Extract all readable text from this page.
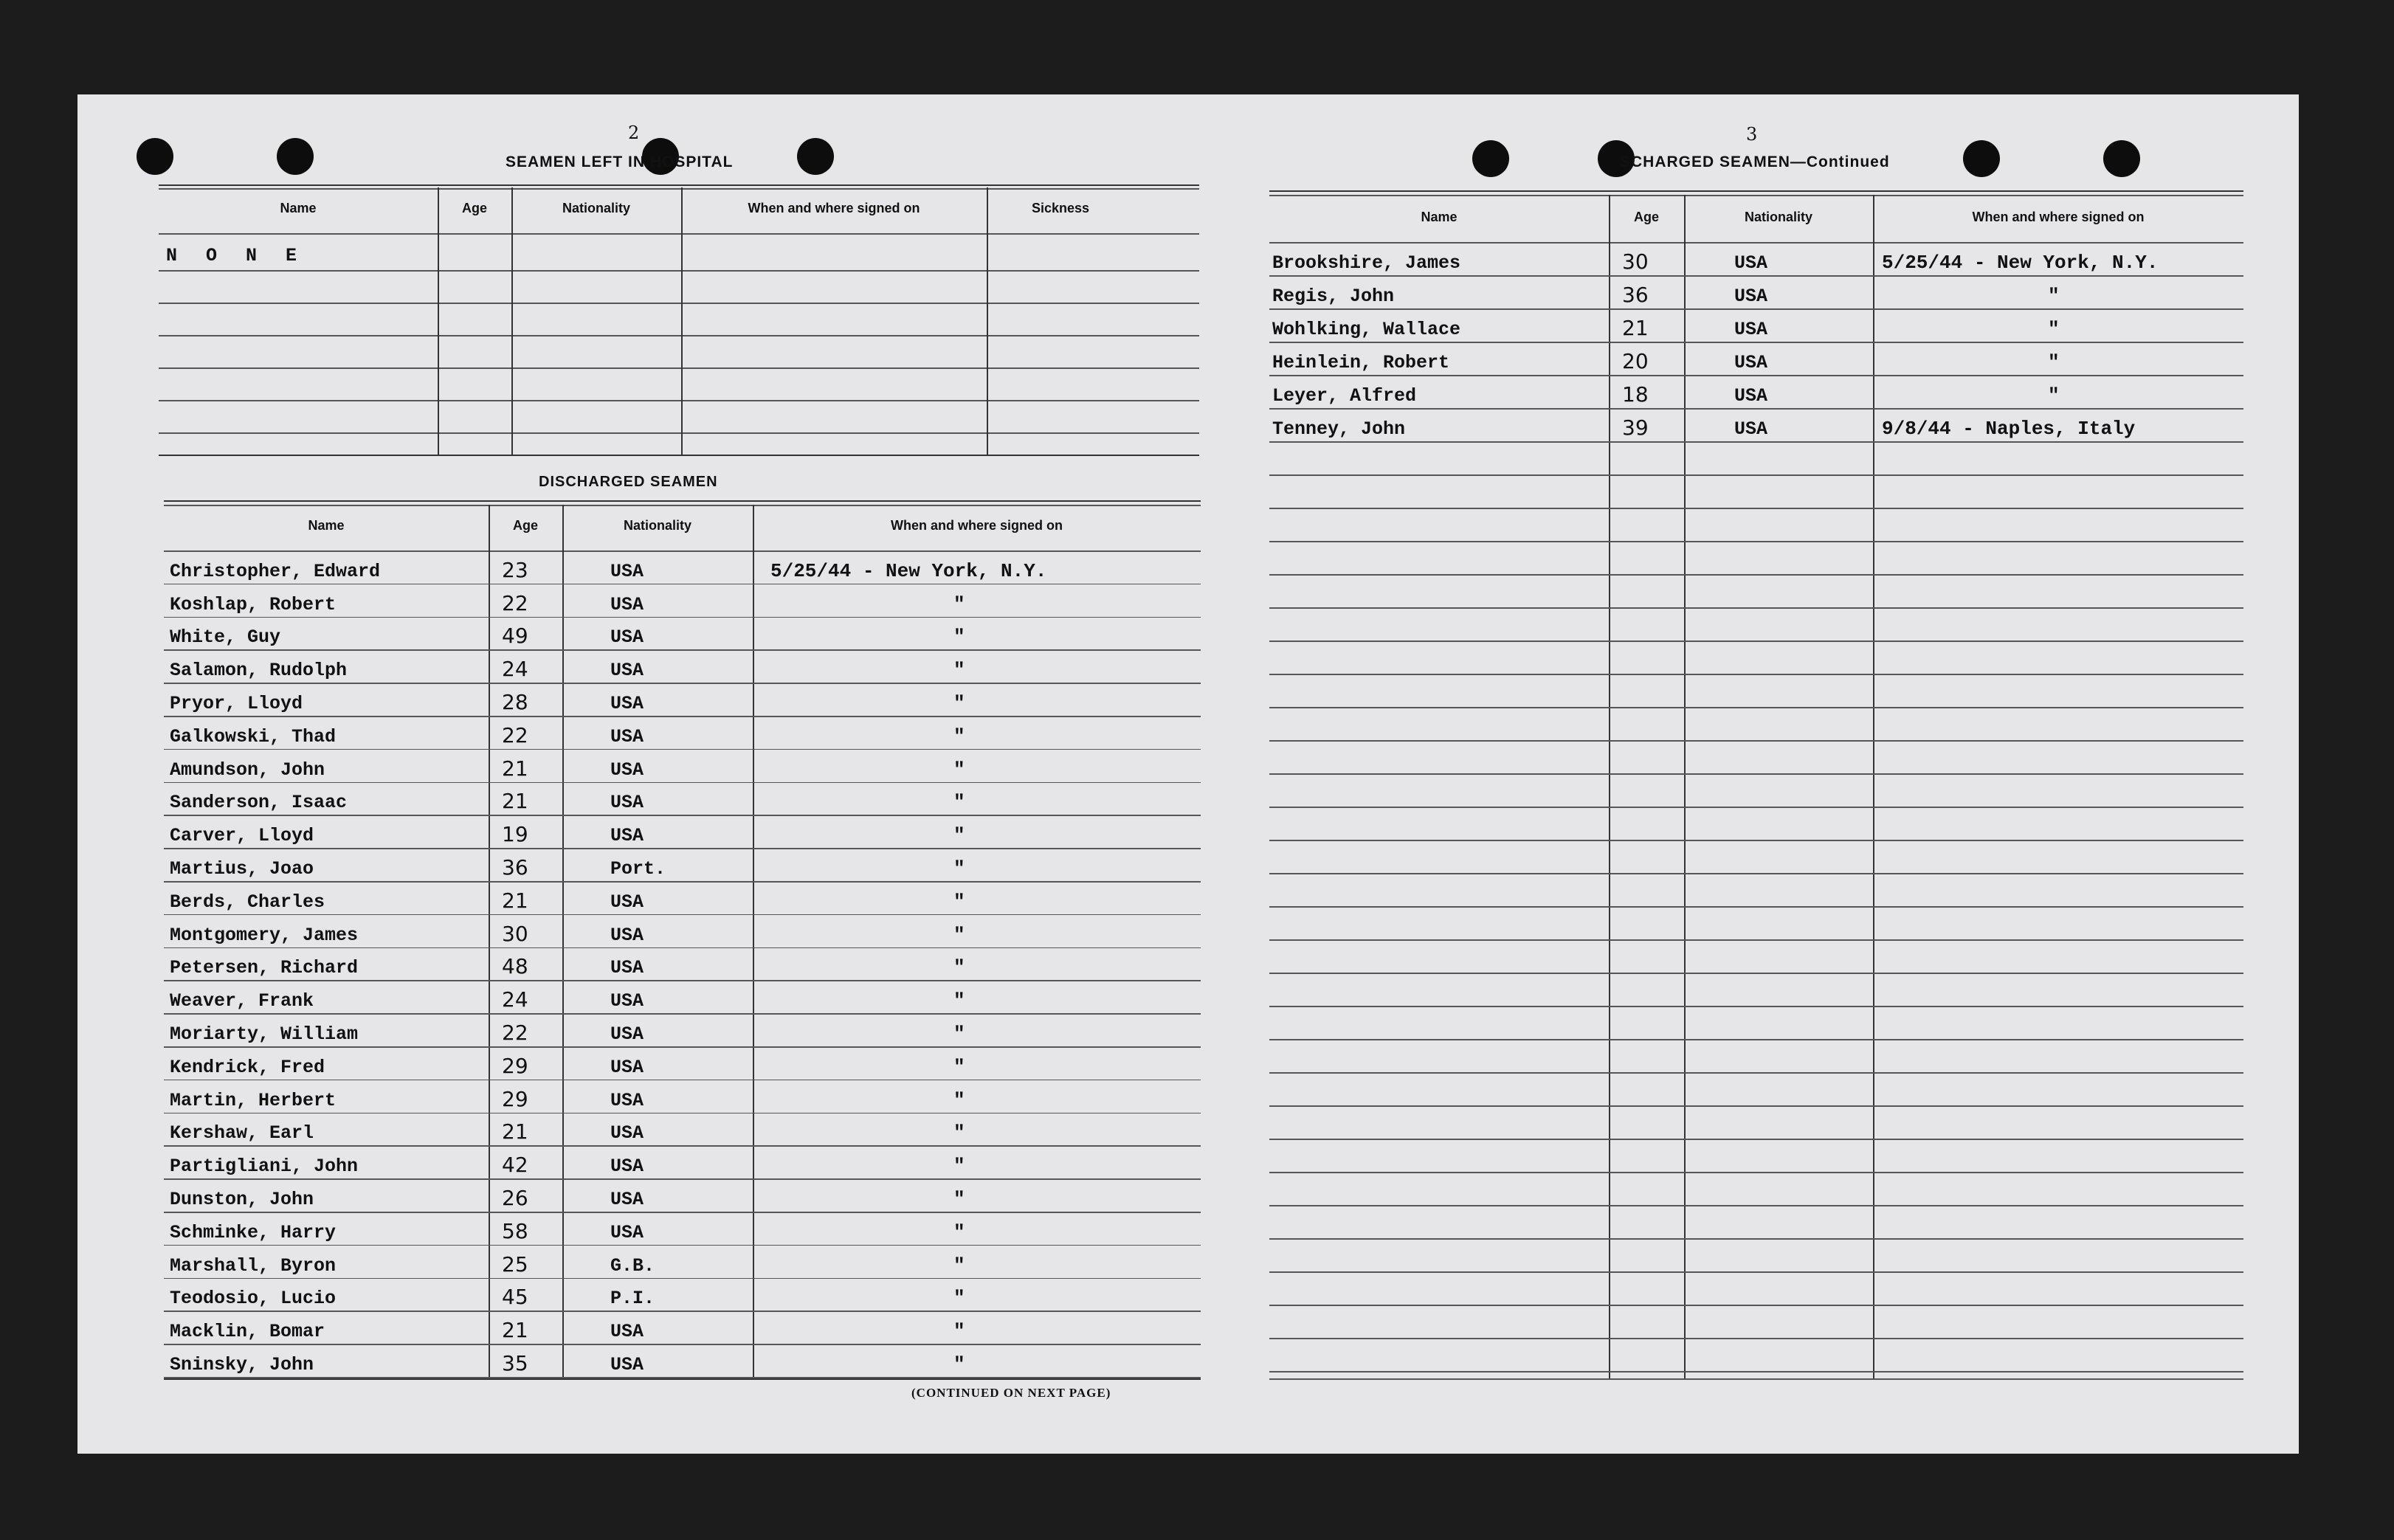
2
SEAMEN LEFT IN HOSPITAL
Name	Age	Nationality	When and where signed on	Sickness
N O N E
DISCHARGED SEAMEN
Name	Age	Nationality	When and where signed on
Christopher, Edward	23	USA	5/25/44 - New York, N.Y.
Koshlap, Robert	22	USA	"
White, Guy	49	USA	"
Salamon, Rudolph	24	USA	"
Pryor, Lloyd	28	USA	"
Galkowski, Thad	22	USA	"
Amundson, John	21	USA	"
Sanderson, Isaac	21	USA	"
Carver, Lloyd	19	USA	"
Martius, Joao	36	Port.	"
Berds, Charles	21	USA	"
Montgomery, James	30	USA	"
Petersen, Richard	48	USA	"
Weaver, Frank	24	USA	"
Moriarty, William	22	USA	"
Kendrick, Fred	29	USA	"
Martin, Herbert	29	USA	"
Kershaw, Earl	21	USA	"
Partigliani, John	42	USA	"
Dunston, John	26	USA	"
Schminke, Harry	58	USA	"
Marshall, Byron	25	G.B.	"
Teodosio, Lucio	45	P.I.	"
Macklin, Bomar	21	USA	"
Sninsky, John	35	USA	"
(CONTINUED ON NEXT PAGE)
3
SCHARGED SEAMEN—Continued
Name	Age	Nationality	When and where signed on
Brookshire, James	30	USA	5/25/44 - New York, N.Y.
Regis, John	36	USA	"
Wohlking, Wallace	21	USA	"
Heinlein, Robert	20	USA	"
Leyer, Alfred	18	USA	"
Tenney, John	39	USA	9/8/44 - Naples, Italy
